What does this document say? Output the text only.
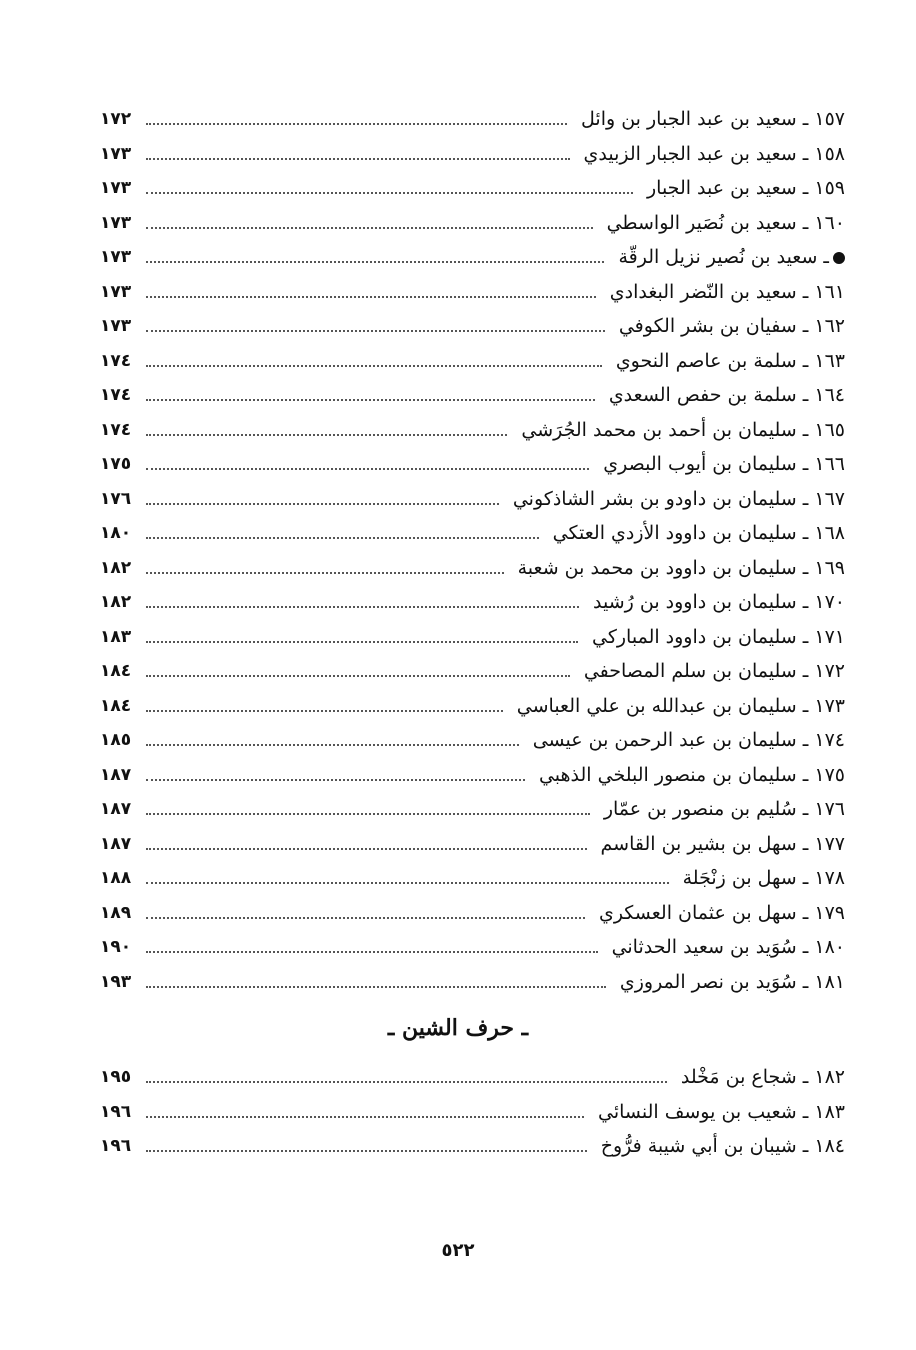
١٥٧ ـ سعيد بن عبد الجبار بن وائل
١٧٢
١٥٨ ـ سعيد بن عبد الجبار الزبيدي
١٧٣
١٥٩ ـ سعيد بن عبد الجبار
١٧٣
١٦٠ ـ سعيد بن نُصَير الواسطي
١٧٣
ـ سعيد بن نُصير نزيل الرقّة
١٧٣
١٦١ ـ سعيد بن النّضر البغدادي
١٧٣
١٦٢ ـ سفيان بن بشر الكوفي
١٧٣
١٦٣ ـ سلمة بن عاصم النحوي
١٧٤
١٦٤ ـ سلمة بن حفص السعدي
١٧٤
١٦٥ ـ سليمان بن أحمد بن محمد الجُرَشي
١٧٤
١٦٦ ـ سليمان بن أيوب البصري
١٧٥
١٦٧ ـ سليمان بن داودو بن بشر الشاذكوني
١٧٦
١٦٨ ـ سليمان بن داوود الأزدي العتكي
١٨٠
١٦٩ ـ سليمان بن داوود بن محمد بن شعبة
١٨٢
١٧٠ ـ سليمان بن داوود بن رُشيد
١٨٢
١٧١ ـ سليمان بن داوود المباركي
١٨٣
١٧٢ ـ سليمان بن سلم المصاحفي
١٨٤
١٧٣ ـ سليمان بن عبدالله بن علي العباسي
١٨٤
١٧٤ ـ سليمان بن عبد الرحمن بن عيسى
١٨٥
١٧٥ ـ سليمان بن منصور البلخي الذهبي
١٨٧
١٧٦ ـ سُليم بن منصور بن عمّار
١٨٧
١٧٧ ـ سهل بن بشير بن القاسم
١٨٧
١٧٨ ـ سهل بن زنْجَلة
١٨٨
١٧٩ ـ سهل بن عثمان العسكري
١٨٩
١٨٠ ـ سُوَيد بن سعيد الحدثاني
١٩٠
١٨١ ـ سُوَيد بن نصر المروزي
١٩٣
ـ حرف الشين ـ
١٨٢ ـ شجاع بن مَخْلد
١٩٥
١٨٣ ـ شعيب بن يوسف النسائي
١٩٦
١٨٤ ـ شيبان بن أبي شيبة فرُّوخ
١٩٦
٥٢٢
